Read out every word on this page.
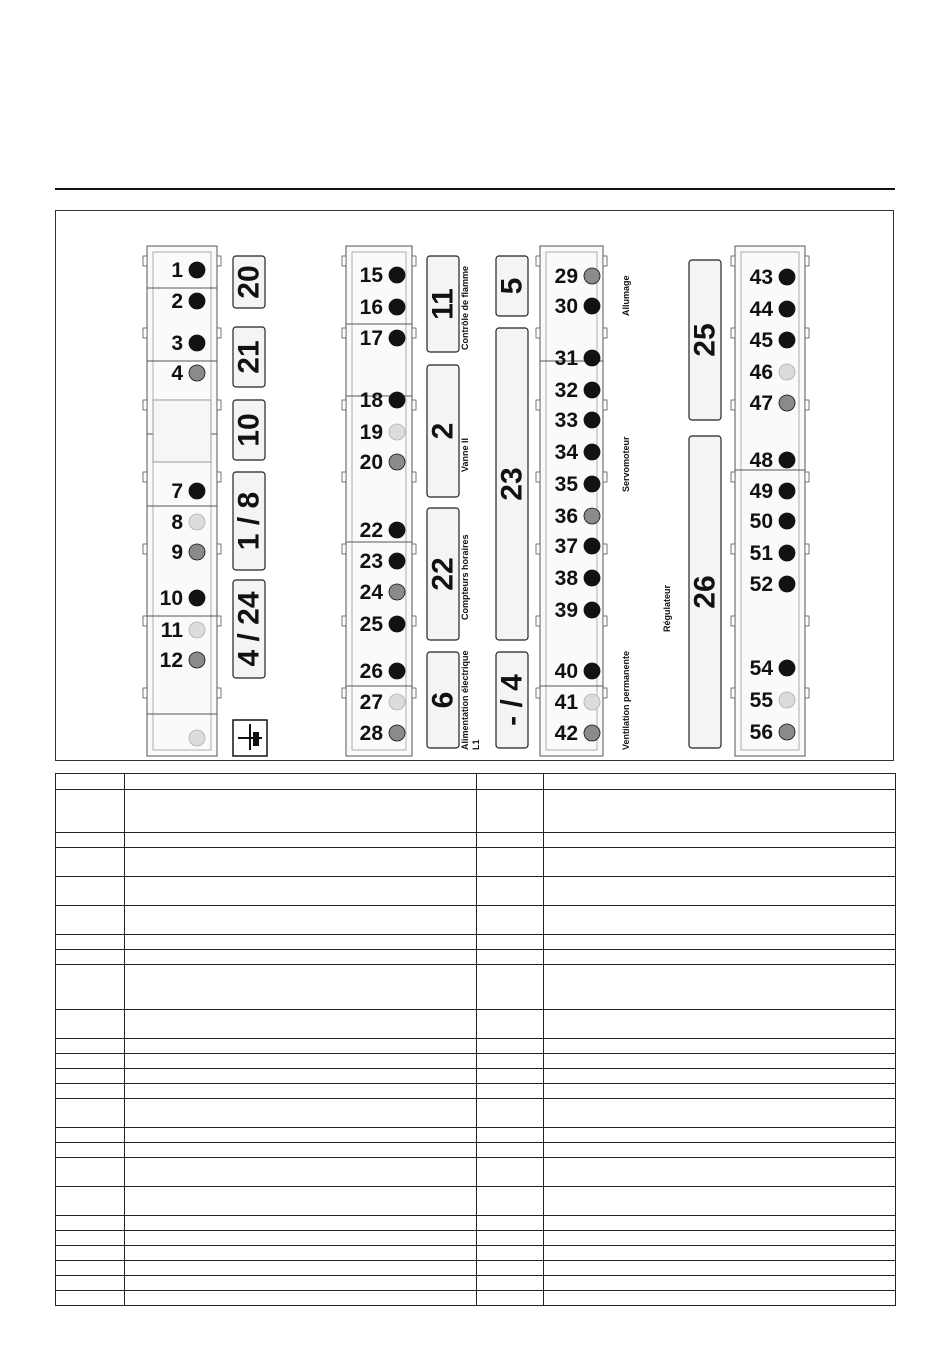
20
21
10
1 / 8
4 / 24
11
2
22
6
5
23
- / 4
25
26
1
2
3
4
7
8
9
10
11
12
15
16
17
18
19
20
22
23
24
25
26
27
28
29
30
31
32
33
34
35
36
37
38
39
40
41
42
43
44
45
46
47
48
49
50
51
52
54
55
56
Contrôle de flamme
Vanne II
Compteurs horaires
Alimentation électrique L1
Allumage
Servomoteur
Ventilation permanente
Régulateur
